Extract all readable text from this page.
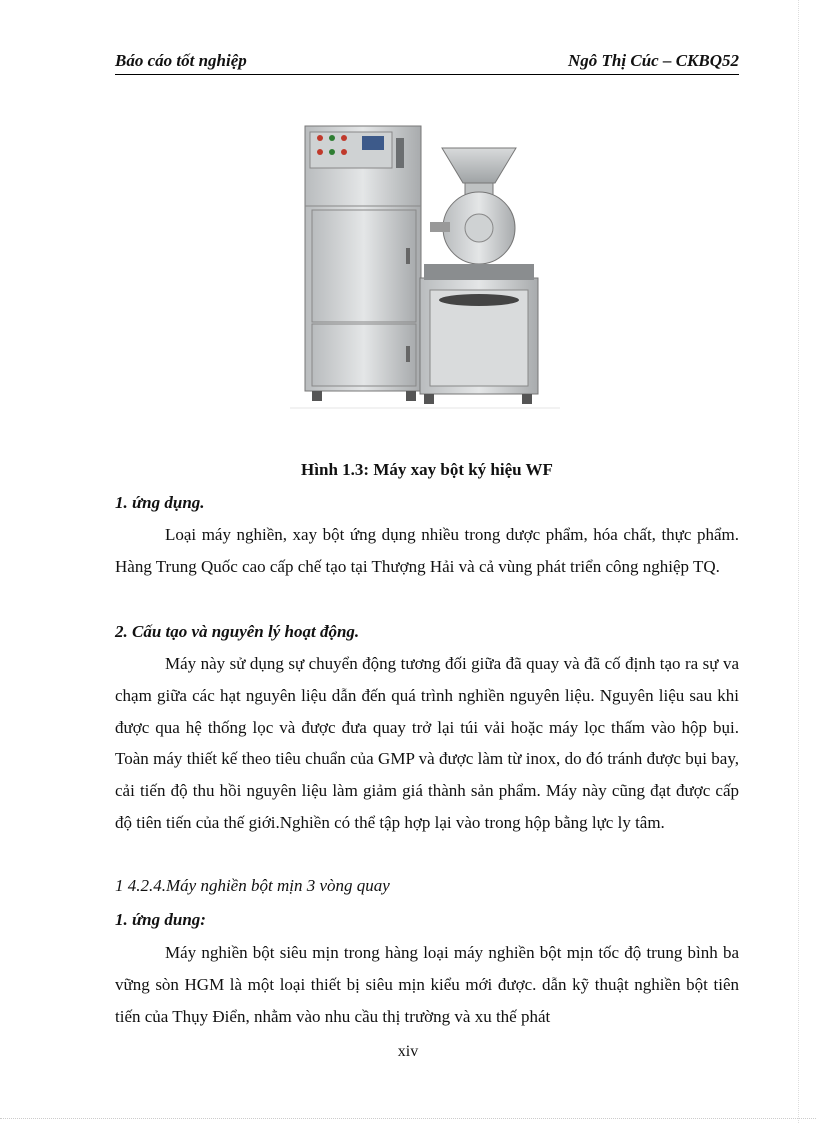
Báo cáo tốt nghiệp	Ngô Thị Cúc – CKBQ52
Hình 1.3: Máy xay bột ký hiệu WF
1. ứng dụng.
Loại máy nghiền, xay bột ứng dụng nhiều trong dược phẩm, hóa chất, thực phẩm. Hàng Trung Quốc cao cấp chế tạo tại Thượng Hải và cả vùng phát triển công nghiệp TQ.
2. Cấu tạo và nguyên lý hoạt động.
Máy này sử dụng sự chuyển động tương đối giữa đã quay và đã cố định tạo ra sự va chạm giữa các hạt nguyên liệu dẫn đến quá trình nghiền nguyên liệu. Nguyên liệu sau khi được qua hệ thống lọc và được đưa quay trở lại túi vải hoặc máy lọc thấm vào hộp bụi. Toàn máy thiết kế theo tiêu chuẩn của GMP và được làm từ inox, do đó tránh được bụi bay, cải tiến độ thu hồi nguyên liệu làm giảm giá thành sản phẩm. Máy này cũng đạt được cấp độ tiên tiến của thế giới.Nghiền có thể tập hợp lại vào trong hộp bằng lực ly tâm.
1 4.2.4.Máy nghiền bột mịn 3 vòng quay
1. ứng dung:
Máy nghiền bột siêu mịn trong hàng loại máy nghiền bột mịn tốc độ trung bình ba vững sòn HGM là một loại thiết bị siêu mịn kiểu mới được. dẫn kỹ thuật nghiền bột tiên tiến của Thụy Điển, nhằm vào nhu cầu thị trường và xu thế phát
xiv
